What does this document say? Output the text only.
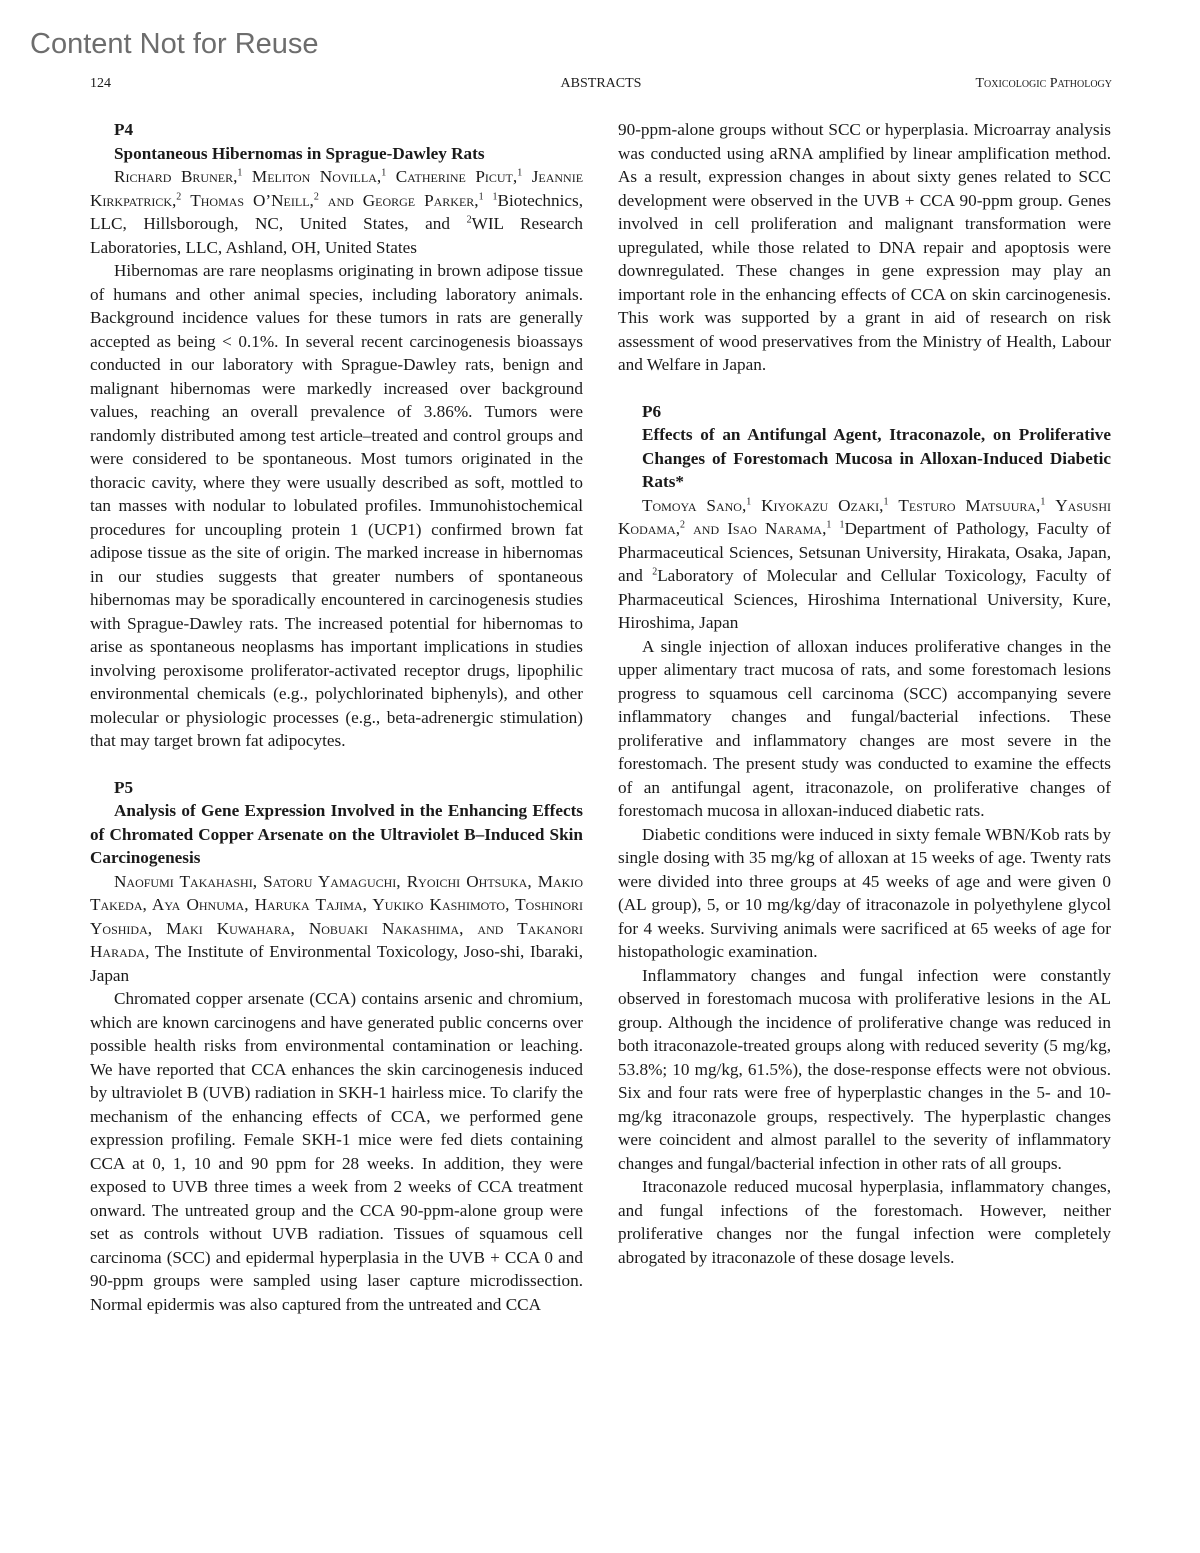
Content Not for Reuse
124	ABSTRACTS	Toxicologic Pathology

P4

Spontaneous Hibernomas in Sprague-Dawley Rats

Richard Bruner,$^1$ Meliton Novilla,$^1$ Catherine Picut,$^1$ Jeannie Kirkpatrick,$^2$ Thomas O’Neill,$^2$ and George Parker,$^1$ $^1$Biotechnics, LLC, Hillsborough, NC, United States, and $^2$WIL Research Laboratories, LLC, Ashland, OH, United States

Hibernomas are rare neoplasms originating in brown adipose tissue of humans and other animal species, including laboratory animals. Background incidence values for these tumors in rats are generally accepted as being < 0.1%. In several recent carcinogenesis bioassays conducted in our laboratory with Sprague-Dawley rats, benign and malignant hibernomas were markedly increased over background values, reaching an overall prevalence of 3.86%. Tumors were randomly distributed among test article–treated and control groups and were considered to be spontaneous. Most tumors originated in the thoracic cavity, where they were usually described as soft, mottled to tan masses with nodular to lobulated profiles. Immunohistochemical procedures for uncoupling protein 1 (UCP1) confirmed brown fat adipose tissue as the site of origin. The marked increase in hibernomas in our studies suggests that greater numbers of spontaneous hibernomas may be sporadically encountered in carcinogenesis studies with Sprague-Dawley rats. The increased potential for hibernomas to arise as spontaneous neoplasms has important implications in studies involving peroxisome proliferator-activated receptor drugs, lipophilic environmental chemicals (e.g., polychlorinated biphenyls), and other molecular or physiologic processes (e.g., beta-adrenergic stimulation) that may target brown fat adipocytes.

P5

Analysis of Gene Expression Involved in the Enhancing Effects of Chromated Copper Arsenate on the Ultraviolet B–Induced Skin Carcinogenesis

Naofumi Takahashi, Satoru Yamaguchi, Ryoichi Ohtsuka, Makio Takeda, Aya Ohnuma, Haruka Tajima, Yukiko Kashimoto, Toshinori Yoshida, Maki Kuwahara, Nobuaki Nakashima, and Takanori Harada, The Institute of Environmental Toxicology, Joso-shi, Ibaraki, Japan

Chromated copper arsenate (CCA) contains arsenic and chromium, which are known carcinogens and have generated public concerns over possible health risks from environmental contamination or leaching. We have reported that CCA enhances the skin carcinogenesis induced by ultraviolet B (UVB) radiation in SKH-1 hairless mice. To clarify the mechanism of the enhancing effects of CCA, we performed gene expression profiling. Female SKH-1 mice were fed diets containing CCA at 0, 1, 10 and 90 ppm for 28 weeks. In addition, they were exposed to UVB three times a week from 2 weeks of CCA treatment onward. The untreated group and the CCA 90-ppm-alone group were set as controls without UVB radiation. Tissues of squamous cell carcinoma (SCC) and epidermal hyperplasia in the UVB + CCA 0 and 90-ppm groups were sampled using laser capture microdissection. Normal epidermis was also captured from the untreated and CCA

90-ppm-alone groups without SCC or hyperplasia. Microarray analysis was conducted using aRNA amplified by linear amplification method. As a result, expression changes in about sixty genes related to SCC development were observed in the UVB + CCA 90-ppm group. Genes involved in cell proliferation and malignant transformation were upregulated, while those related to DNA repair and apoptosis were downregulated. These changes in gene expression may play an important role in the enhancing effects of CCA on skin carcinogenesis. This work was supported by a grant in aid of research on risk assessment of wood preservatives from the Ministry of Health, Labour and Welfare in Japan.

P6

Effects of an Antifungal Agent, Itraconazole, on Proliferative Changes of Forestomach Mucosa in Alloxan-Induced Diabetic Rats*

Tomoya Sano,$^1$ Kiyokazu Ozaki,$^1$ Testuro Matsuura,$^1$ Yasushi Kodama,$^2$ and Isao Narama,$^1$ $^1$Department of Pathology, Faculty of Pharmaceutical Sciences, Setsunan University, Hirakata, Osaka, Japan, and $^2$Laboratory of Molecular and Cellular Toxicology, Faculty of Pharmaceutical Sciences, Hiroshima International University, Kure, Hiroshima, Japan

A single injection of alloxan induces proliferative changes in the upper alimentary tract mucosa of rats, and some forestomach lesions progress to squamous cell carcinoma (SCC) accompanying severe inflammatory changes and fungal/bacterial infections. These proliferative and inflammatory changes are most severe in the forestomach. The present study was conducted to examine the effects of an antifungal agent, itraconazole, on proliferative changes of forestomach mucosa in alloxan-induced diabetic rats.

Diabetic conditions were induced in sixty female WBN/Kob rats by single dosing with 35 mg/kg of alloxan at 15 weeks of age. Twenty rats were divided into three groups at 45 weeks of age and were given 0 (AL group), 5, or 10 mg/kg/day of itraconazole in polyethylene glycol for 4 weeks. Surviving animals were sacrificed at 65 weeks of age for histopathologic examination.

Inflammatory changes and fungal infection were constantly observed in forestomach mucosa with proliferative lesions in the AL group. Although the incidence of proliferative change was reduced in both itraconazole-treated groups along with reduced severity (5 mg/kg, 53.8%; 10 mg/kg, 61.5%), the dose-response effects were not obvious. Six and four rats were free of hyperplastic changes in the 5- and 10-mg/kg itraconazole groups, respectively. The hyperplastic changes were coincident and almost parallel to the severity of inflammatory changes and fungal/bacterial infection in other rats of all groups.

Itraconazole reduced mucosal hyperplasia, inflammatory changes, and fungal infections of the forestomach. However, neither proliferative changes nor the fungal infection were completely abrogated by itraconazole of these dosage levels.
